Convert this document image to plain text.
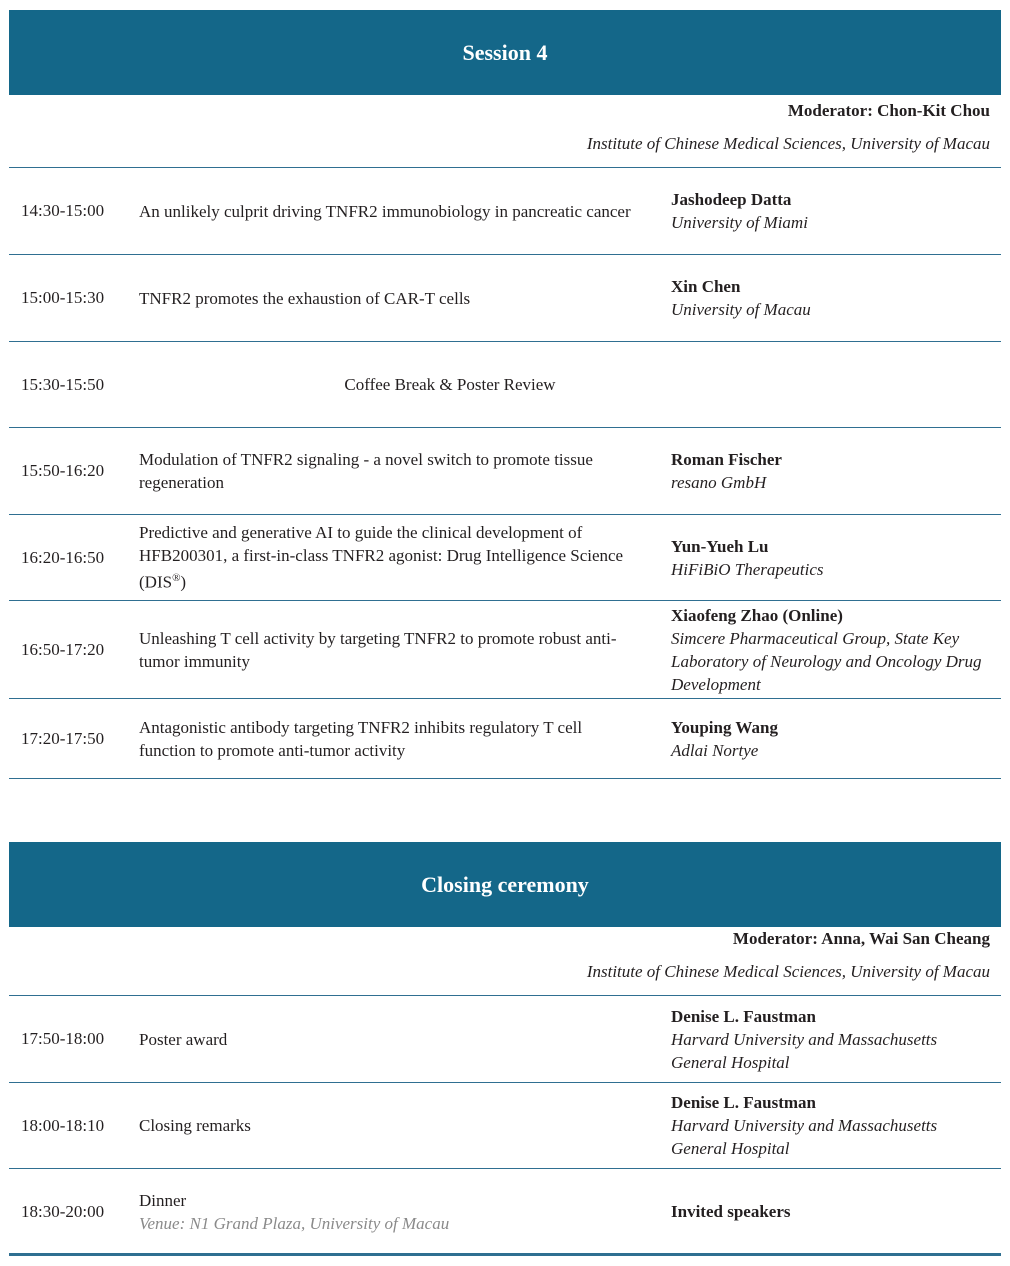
Session 4
Moderator: Chon-Kit Chou
Institute of Chinese Medical Sciences, University of Macau
14:30-15:00 An unlikely culprit driving TNFR2 immunobiology in pancreatic cancer
Jashodeep Datta
University of Miami
15:00-15:30 TNFR2 promotes the exhaustion of CAR-T cells
Xin Chen
University of Macau
15:30-15:50	Coffee Break & Poster Review
15:50-16:20
Modulation of TNFR2 signaling - a novel switch to promote tissue regeneration
Roman Fischer
resano GmbH
16:20-16:50
Predictive and generative AI to guide the clinical development of HFB200301, a first-in-class TNFR2 agonist: Drug Intelligence Science (DIS®)
Yun-Yueh Lu
HiFiBiO Therapeutics
16:50-17:20
Unleashing T cell activity by targeting TNFR2 to promote robust anti-tumor immunity
Xiaofeng Zhao (Online)
Simcere Pharmaceutical Group, State Key Laboratory of Neurology and Oncology Drug Development
17:20-17:50
Antagonistic antibody targeting TNFR2 inhibits regulatory T cell function to promote anti-tumor activity
Youping Wang
Adlai Nortye
Closing ceremony
Moderator: Anna, Wai San Cheang
Institute of Chinese Medical Sciences, University of Macau
17:50-18:00 Poster award
Denise L. Faustman
Harvard University and Massachusetts General Hospital
18:00-18:10 Closing remarks
Denise L. Faustman
Harvard University and Massachusetts General Hospital
18:30-20:00
Dinner
Venue: N1 Grand Plaza, University of Macau
Invited speakers
